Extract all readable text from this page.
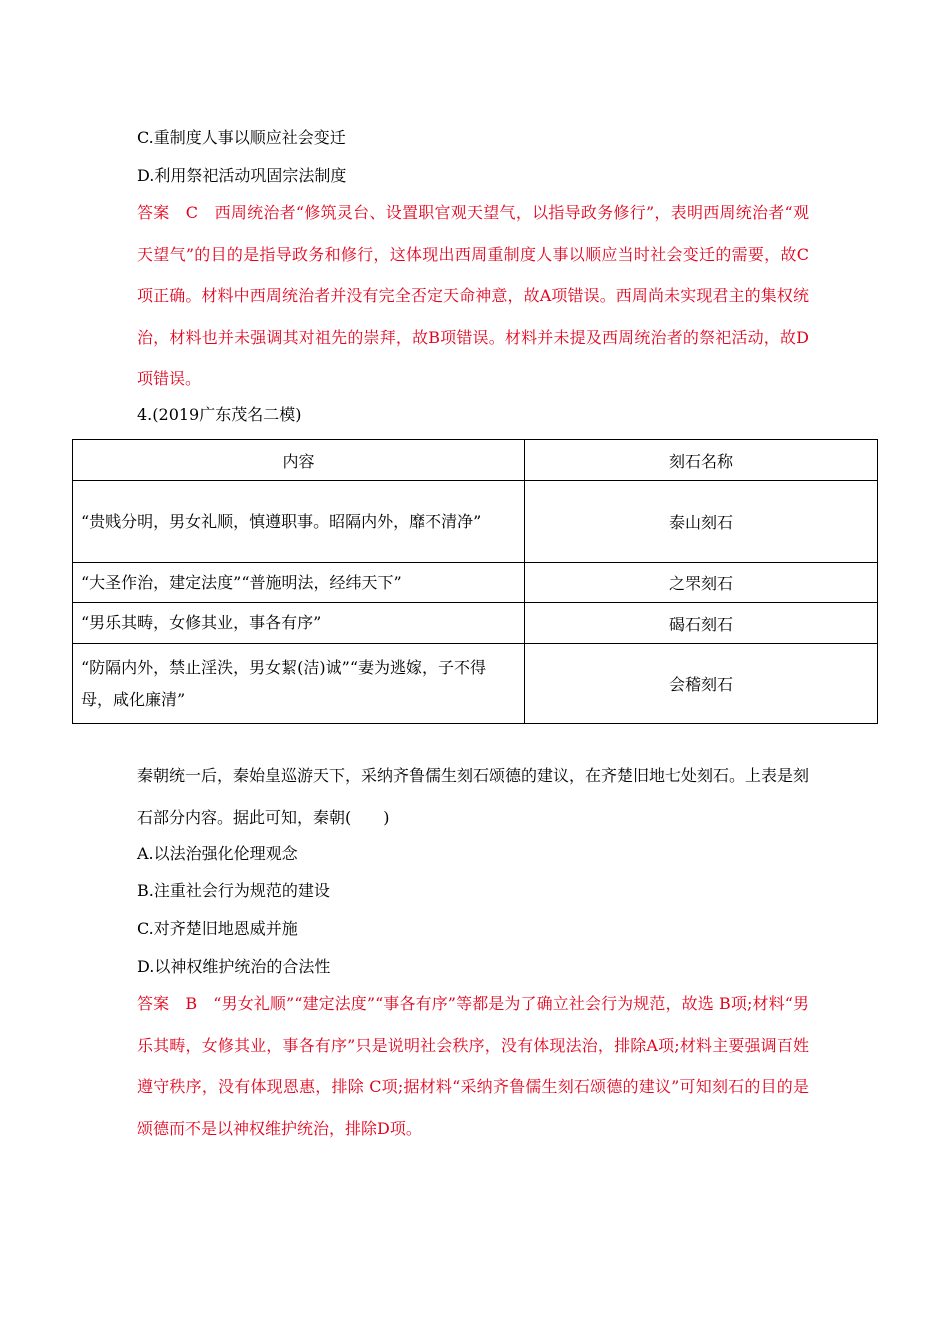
C.重制度人事以顺应社会变迁
D.利用祭祀活动巩固宗法制度
答案　C　西周统治者“修筑灵台、设置职官观天望气，以指导政务修行”，表明西周统治者“观天望气”的目的是指导政务和修行，这体现出西周重制度人事以顺应当时社会变迁的需要，故C项正确。材料中西周统治者并没有完全否定天命神意，故A项错误。西周尚未实现君主的集权统治，材料也并未强调其对祖先的崇拜，故B项错误。材料并未提及西周统治者的祭祀活动，故D项错误。
4.(2019广东茂名二模)
内容	刻石名称
“贵贱分明，男女礼顺，慎遵职事。昭隔内外，靡不清净”	泰山刻石
“大圣作治，建定法度”“普施明法，经纬天下”	之罘刻石
“男乐其畴，女修其业，事各有序”	碣石刻石
“防隔内外，禁止淫泆，男女絜(洁)诚”“妻为逃嫁，子不得母，咸化廉清”	会稽刻石
秦朝统一后，秦始皇巡游天下，采纳齐鲁儒生刻石颂德的建议，在齐楚旧地七处刻石。上表是刻石部分内容。据此可知，秦朝(　　)
A.以法治强化伦理观念
B.注重社会行为规范的建设
C.对齐楚旧地恩威并施
D.以神权维护统治的合法性
答案　B　“男女礼顺”“建定法度”“事各有序”等都是为了确立社会行为规范，故选 B项;材料“男乐其畴，女修其业，事各有序”只是说明社会秩序，没有体现法治，排除A项;材料主要强调百姓遵守秩序，没有体现恩惠，排除 C项;据材料“采纳齐鲁儒生刻石颂德的建议”可知刻石的目的是颂德而不是以神权维护统治，排除D项。
